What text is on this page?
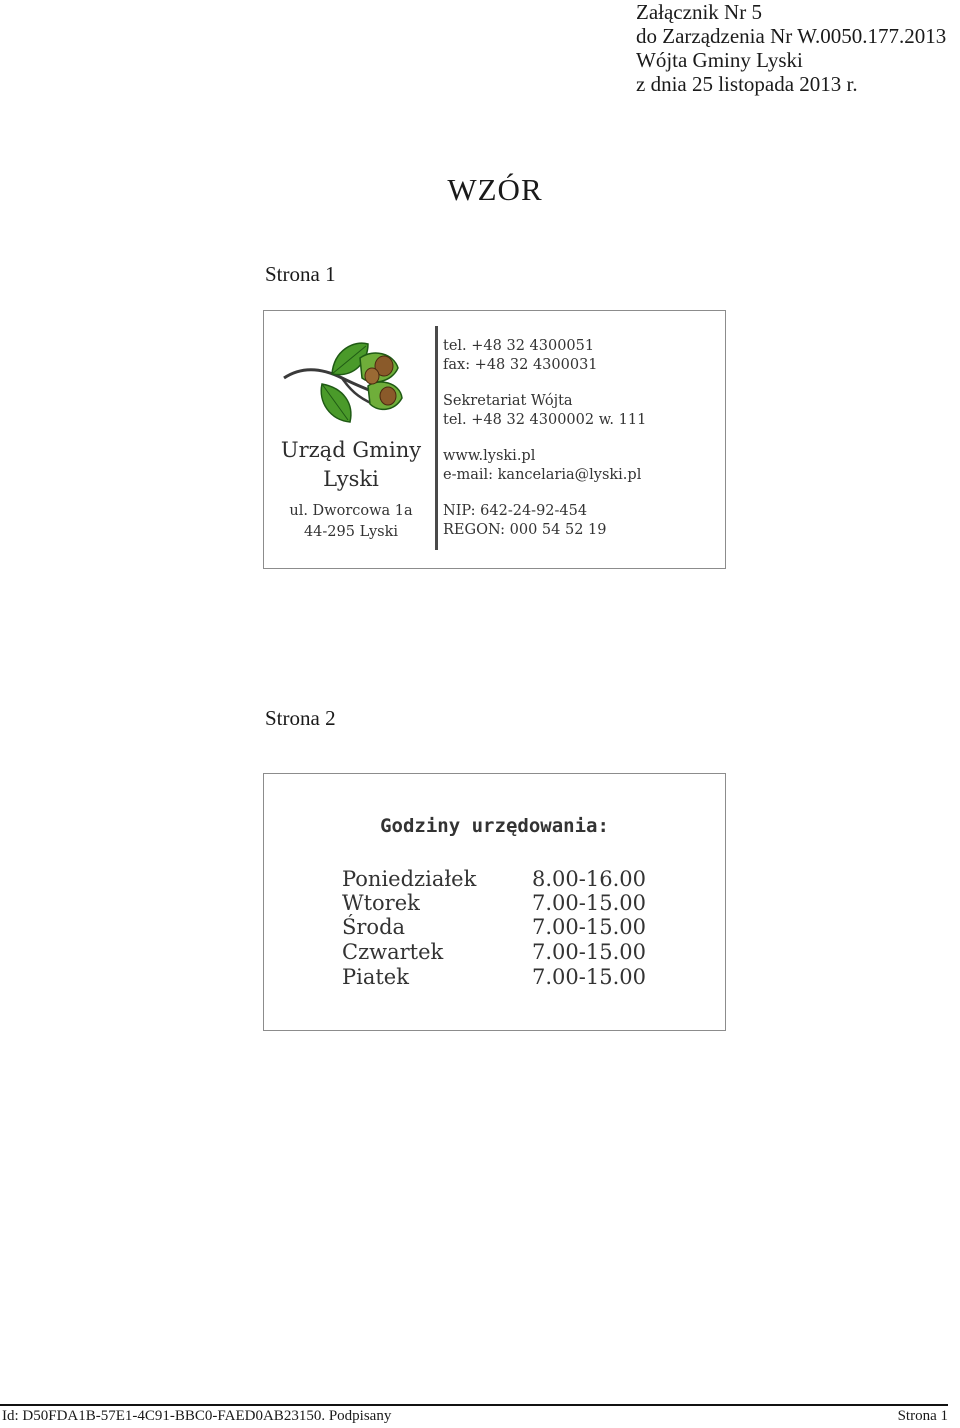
Załącznik Nr 5
do Zarządzenia Nr W.0050.177.2013
Wójta Gminy Lyski
z dnia 25 listopada 2013 r.
WZÓR
Strona 1
Urząd Gminy
Lyski
ul. Dworcowa 1a
44-295 Lyski
tel. +48 32 4300051
fax: +48 32 4300031
Sekretariat Wójta
tel. +48 32 4300002 w. 111
www.lyski.pl
e-mail: kancelaria@lyski.pl
NIP: 642-24-92-454
REGON: 000 54 52 19
Strona 2
Godziny urzędowania:
Poniedziałek	8.00-16.00
Wtorek	7.00-15.00
Środa	7.00-15.00
Czwartek	7.00-15.00
Piatek	7.00-15.00
Id: D50FDA1B-57E1-4C91-BBC0-FAED0AB23150. Podpisany	Strona 1
